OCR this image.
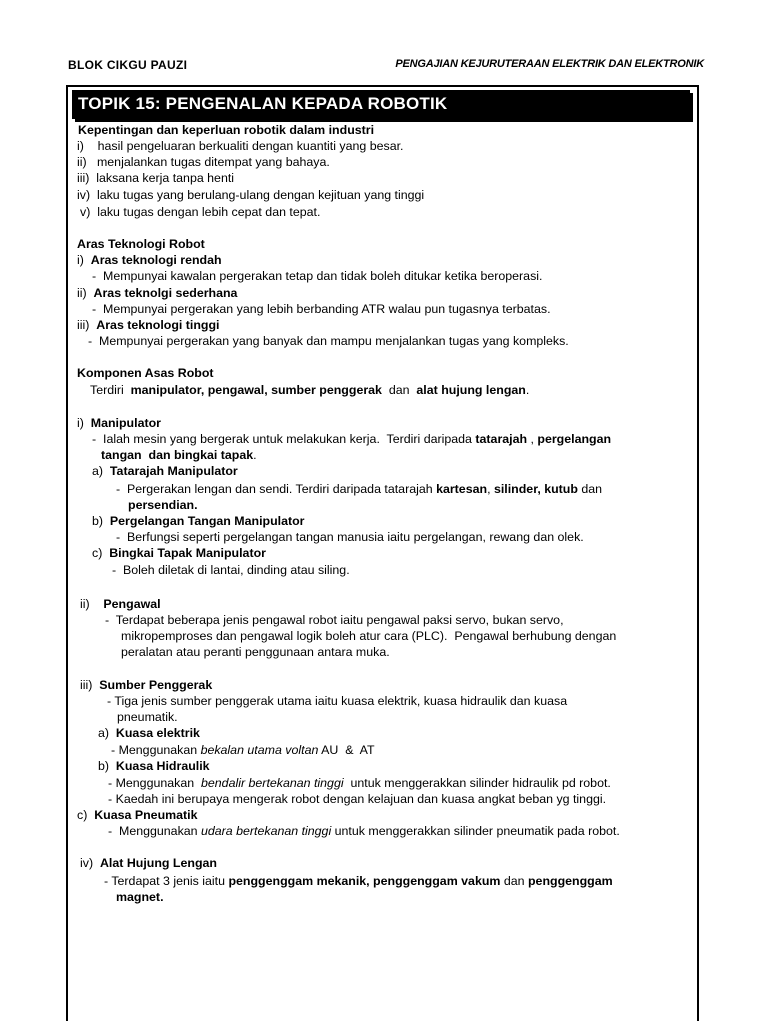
BLOK CIKGU PAUZI	PENGAJIAN KEJURUTERAAN ELEKTRIK DAN ELEKTRONIK
TOPIK 15: PENGENALAN KEPADA ROBOTIK
Kepentingan dan keperluan robotik dalam industri
i)    hasil pengeluaran berkualiti dengan kuantiti yang besar.
ii)   menjalankan tugas ditempat yang bahaya.
iii)  laksana kerja tanpa henti
iv)  laku tugas yang berulang-ulang dengan kejituan yang tinggi
v)  laku tugas dengan lebih cepat dan tepat.
Aras Teknologi Robot
i)  Aras teknologi rendah
-  Mempunyai kawalan pergerakan tetap dan tidak boleh ditukar ketika beroperasi.
ii)  Aras teknolgi sederhana
-  Mempunyai pergerakan yang lebih berbanding ATR walau pun tugasnya terbatas.
iii)  Aras teknologi tinggi
-  Mempunyai pergerakan yang banyak dan mampu menjalankan tugas yang kompleks.
Komponen Asas Robot
Terdiri  manipulator, pengawal, sumber penggerak  dan  alat hujung lengan.
i)  Manipulator
-  Ialah mesin yang bergerak untuk melakukan kerja.  Terdiri daripada tatarajah , pergelangan
tangan  dan bingkai tapak.
a)  Tatarajah Manipulator
-  Pergerakan lengan dan sendi. Terdiri daripada tatarajah kartesan, silinder, kutub dan
persendian.
b)  Pergelangan Tangan Manipulator
-  Berfungsi seperti pergelangan tangan manusia iaitu pergelangan, rewang dan olek.
c)  Bingkai Tapak Manipulator
-  Boleh diletak di lantai, dinding atau siling.
ii)    Pengawal
-  Terdapat beberapa jenis pengawal robot iaitu pengawal paksi servo, bukan servo,
mikropemproses dan pengawal logik boleh atur cara (PLC).  Pengawal berhubung dengan
peralatan atau peranti penggunaan antara muka.
iii)  Sumber Penggerak
- Tiga jenis sumber penggerak utama iaitu kuasa elektrik, kuasa hidraulik dan kuasa
pneumatik.
a)  Kuasa elektrik
- Menggunakan bekalan utama voltan AU  &  AT
b)  Kuasa Hidraulik
- Menggunakan  bendalir bertekanan tinggi  untuk menggerakkan silinder hidraulik pd robot.
- Kaedah ini berupaya mengerak robot dengan kelajuan dan kuasa angkat beban yg tinggi.
c)  Kuasa Pneumatik
-  Menggunakan udara bertekanan tinggi untuk menggerakkan silinder pneumatik pada robot.
iv)  Alat Hujung Lengan
- Terdapat 3 jenis iaitu penggenggam mekanik, penggenggam vakum dan penggenggam
magnet.
